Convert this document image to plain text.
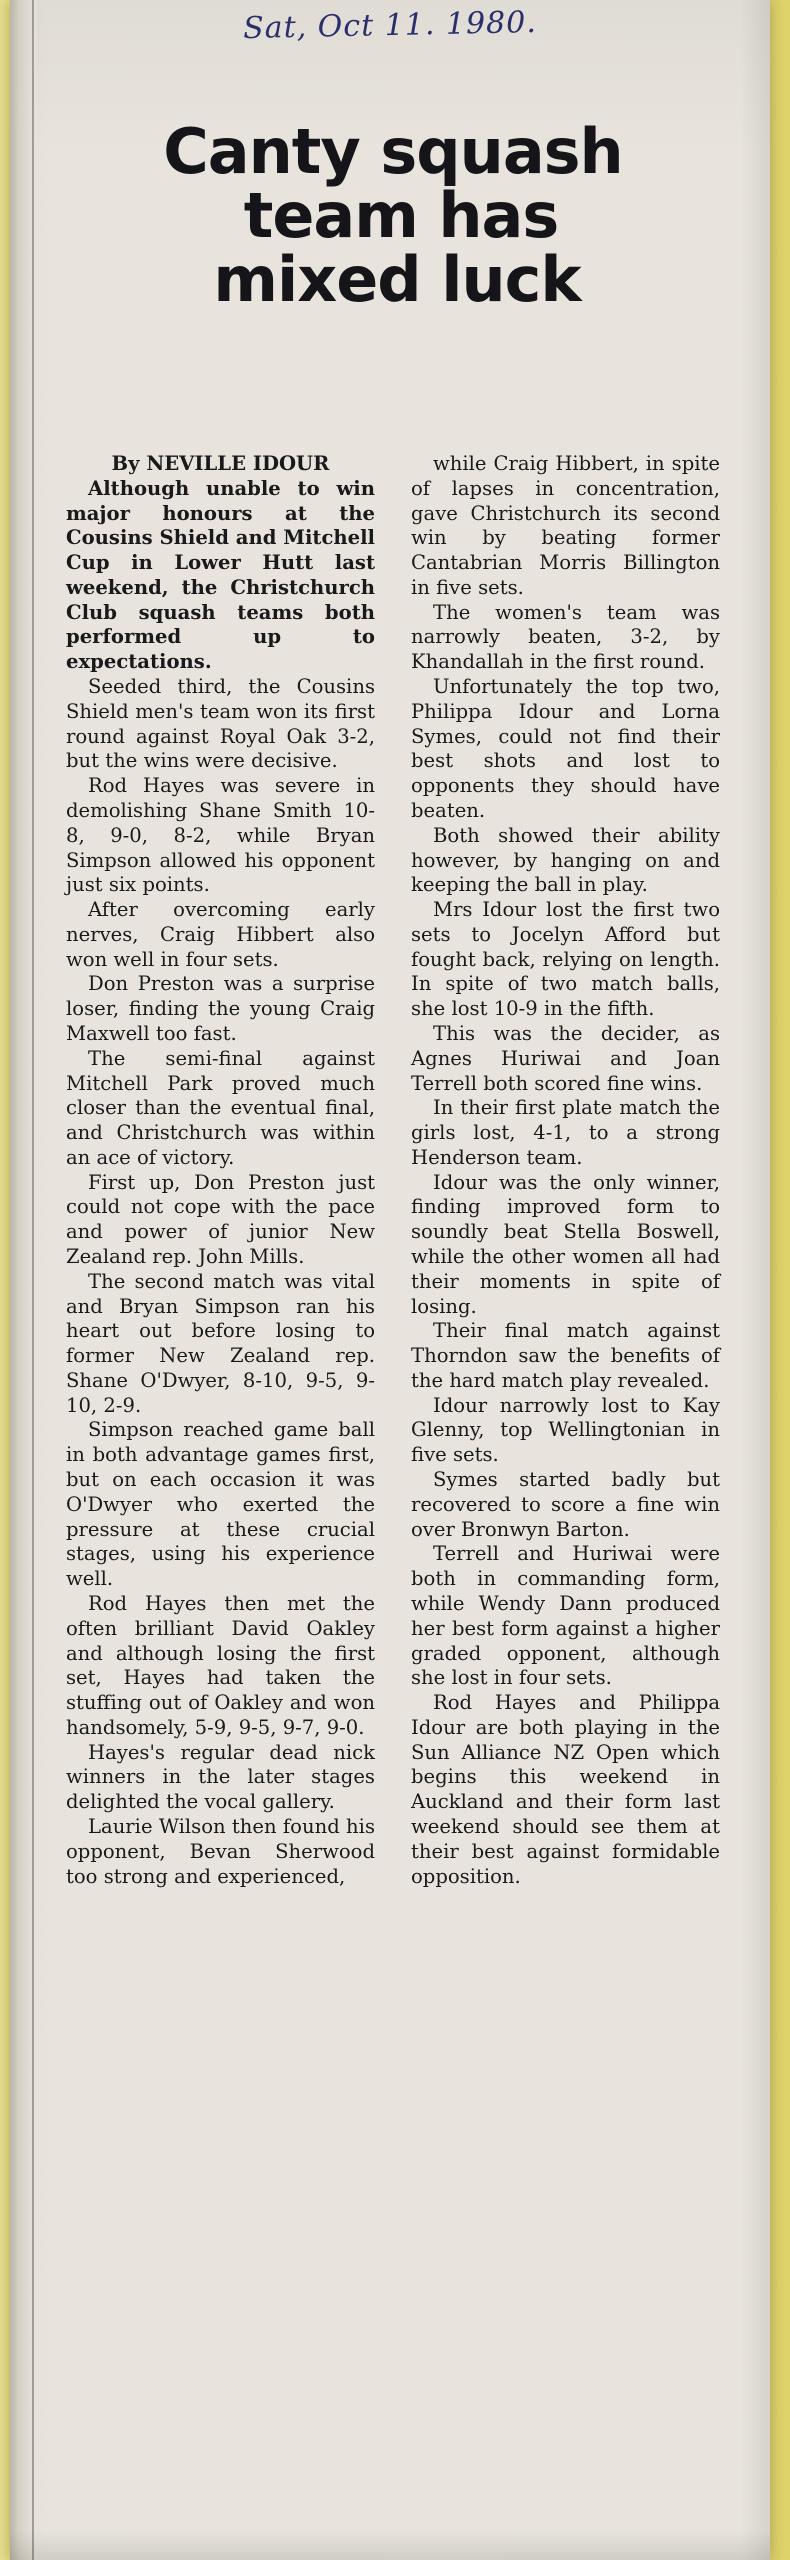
Sat, Oct 11. 1980.
Canty squash
team has
mixed luck

By NEVILLE IDOUR

Although unable to win major honours at the Cousins Shield and Mitchell Cup in Lower Hutt last weekend, the Christchurch Club squash teams both performed up to expectations.

Seeded third, the Cousins Shield men's team won its first round against Royal Oak 3-2, but the wins were decisive.

Rod Hayes was severe in demolishing Shane Smith 10-8, 9-0, 8-2, while Bryan Simpson allowed his opponent just six points.

After overcoming early nerves, Craig Hibbert also won well in four sets.

Don Preston was a surprise loser, finding the young Craig Maxwell too fast.

The semi-final against Mitchell Park proved much closer than the eventual final, and Christchurch was within an ace of victory.

First up, Don Preston just could not cope with the pace and power of junior New Zealand rep. John Mills.

The second match was vital and Bryan Simpson ran his heart out before losing to former New Zealand rep. Shane O'Dwyer, 8-10, 9-5, 9-10, 2-9.

Simpson reached game ball in both advantage games first, but on each occasion it was O'Dwyer who exerted the pressure at these crucial stages, using his experience well.

Rod Hayes then met the often brilliant David Oakley and although losing the first set, Hayes had taken the stuffing out of Oakley and won handsomely, 5-9, 9-5, 9-7, 9-0.

Hayes's regular dead nick winners in the later stages delighted the vocal gallery.

Laurie Wilson then found his opponent, Bevan Sherwood too strong and experienced,

while Craig Hibbert, in spite of lapses in concentration, gave Christchurch its second win by beating former Cantabrian Morris Billington in five sets.

The women's team was narrowly beaten, 3-2, by Khandallah in the first round.

Unfortunately the top two, Philippa Idour and Lorna Symes, could not find their best shots and lost to opponents they should have beaten.

Both showed their ability however, by hanging on and keeping the ball in play.

Mrs Idour lost the first two sets to Jocelyn Afford but fought back, relying on length. In spite of two match balls, she lost 10-9 in the fifth.

This was the decider, as Agnes Huriwai and Joan Terrell both scored fine wins.

In their first plate match the girls lost, 4-1, to a strong Henderson team.

Idour was the only winner, finding improved form to soundly beat Stella Boswell, while the other women all had their moments in spite of losing.

Their final match against Thorndon saw the benefits of the hard match play revealed.

Idour narrowly lost to Kay Glenny, top Wellingtonian in five sets.

Symes started badly but recovered to score a fine win over Bronwyn Barton.

Terrell and Huriwai were both in commanding form, while Wendy Dann produced her best form against a higher graded opponent, although she lost in four sets.

Rod Hayes and Philippa Idour are both playing in the Sun Alliance NZ Open which begins this weekend in Auckland and their form last weekend should see them at their best against formidable opposition.
